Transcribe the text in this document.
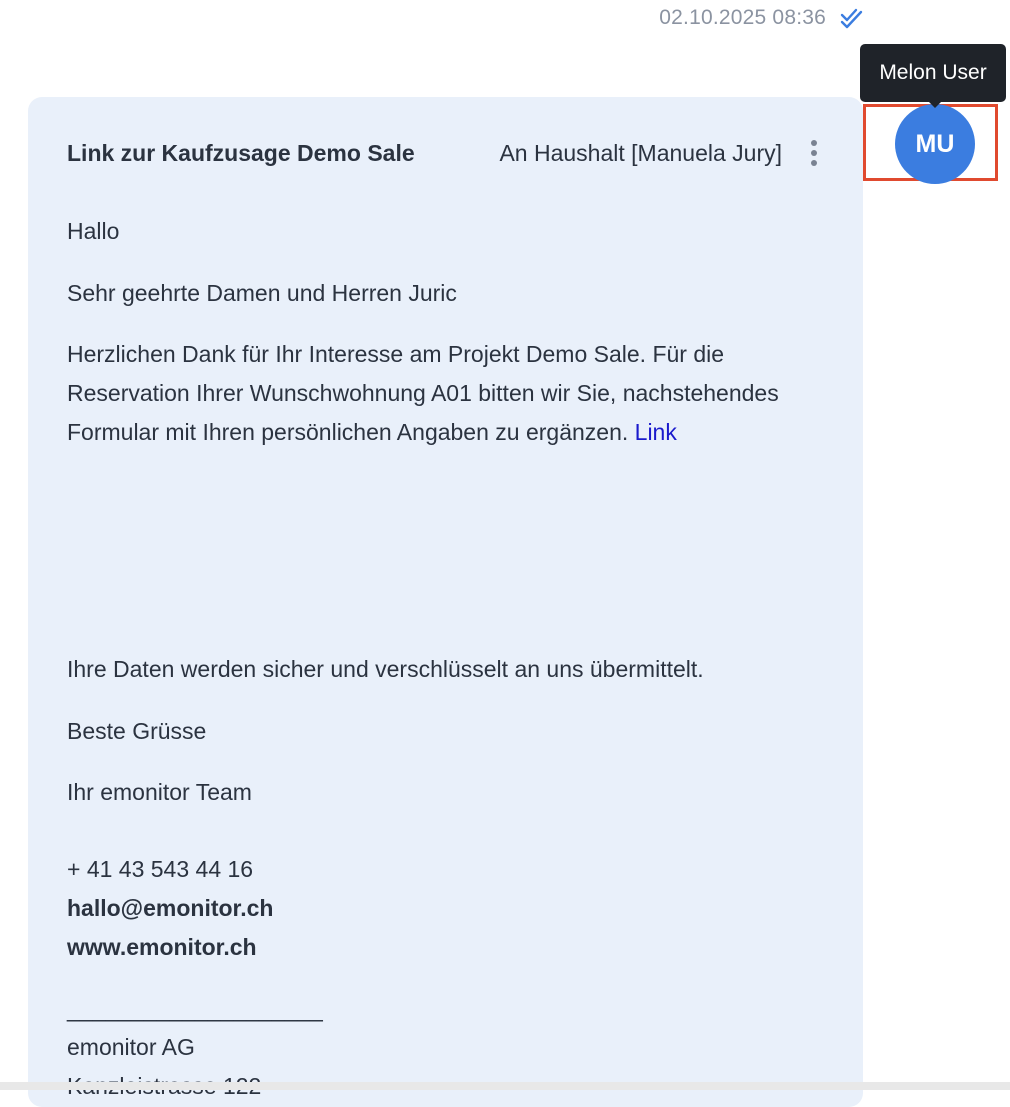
02.10.2025 08:36
Link zur Kaufzusage Demo Sale	An Haushalt [Manuela Jury]

Hallo

Sehr geehrte Damen und Herren Juric

Herzlichen Dank für Ihr Interesse am Projekt Demo Sale. Für die Reservation Ihrer Wunschwohnung A01 bitten wir Sie, nachstehendes Formular mit Ihren persönlichen Angaben zu ergänzen. Link

Ihre Daten werden sicher und verschlüsselt an uns übermittelt.

Beste Grüsse

Ihr emonitor Team

+ 41 43 543 44 16

hallo@emonitor.ch

www.emonitor.ch

____________________

emonitor AG

MU
Melon User
